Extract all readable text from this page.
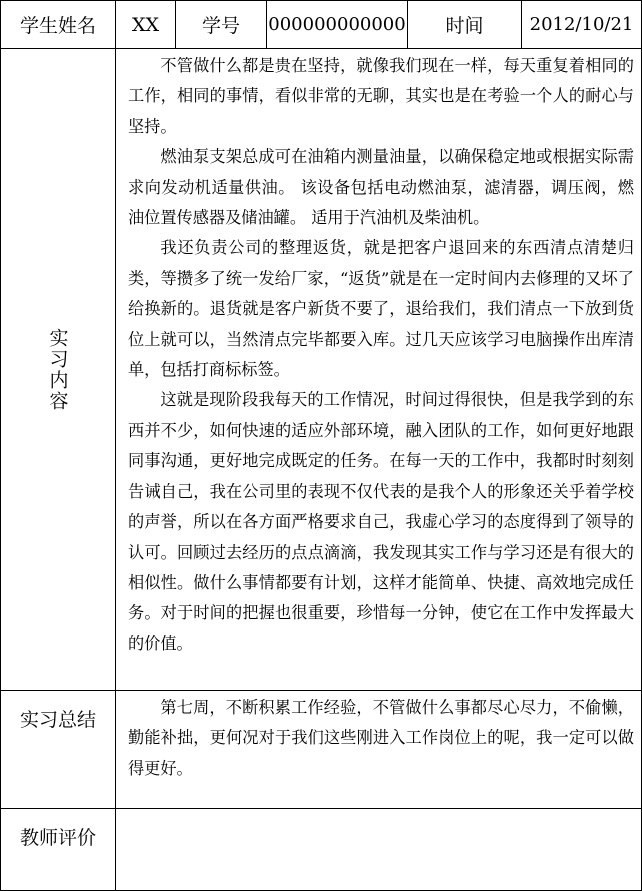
学生姓名 XX 学号 000000000000 时间	2012/10/21
实习内容

不管做什么都是贵在坚持，就像我们现在一样，每天重复着相同的工作，相同的事情，看似非常的无聊，其实也是在考验一个人的耐心与坚持。

燃油泵支架总成可在油箱内测量油量，以确保稳定地或根据实际需求向发动机适量供油。 该设备包括电动燃油泵，滤清器，调压阀，燃油位置传感器及储油罐。 适用于汽油机及柴油机。

我还负责公司的整理返货，就是把客户退回来的东西清点清楚归类，等攒多了统一发给厂家，“返货”就是在一定时间内去修理的又坏了给换新的。退货就是客户新货不要了，退给我们，我们清点一下放到货位上就可以，当然清点完毕都要入库。过几天应该学习电脑操作出库清单，包括打商标标签。

这就是现阶段我每天的工作情况，时间过得很快，但是我学到的东西并不少，如何快速的适应外部环境，融入团队的工作，如何更好地跟同事沟通，更好地完成既定的任务。在每一天的工作中，我都时时刻刻告诫自己，我在公司里的表现不仅代表的是我个人的形象还关乎着学校的声誉，所以在各方面严格要求自己，我虚心学习的态度得到了领导的认可。回顾过去经历的点点滴滴，我发现其实工作与学习还是有很大的相似性。做什么事情都要有计划，这样才能简单、快捷、高效地完成任务。对于时间的把握也很重要，珍惜每一分钟，使它在工作中发挥最大的价值。

实习总结

第七周，不断积累工作经验，不管做什么事都尽心尽力，不偷懒，勤能补拙，更何况对于我们这些刚进入工作岗位上的呢，我一定可以做得更好。

教师评价
